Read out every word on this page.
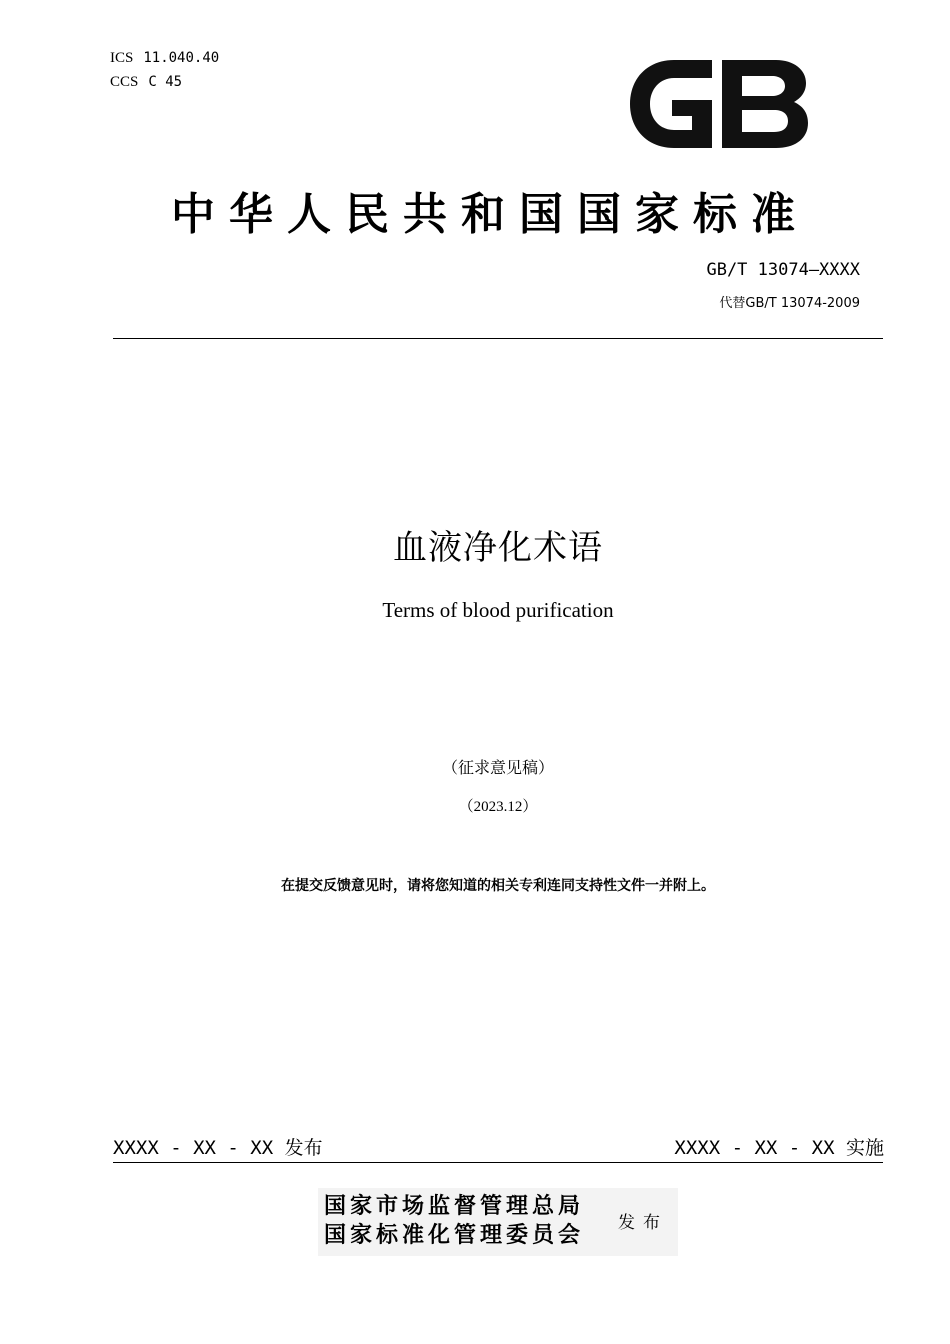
ICS 11.040.40
CCS C 45
中华人民共和国国家标准
GB/T 13074—XXXX
代替GB/T 13074-2009
血液净化术语
Terms of blood purification
（征求意见稿）
（2023.12）
在提交反馈意见时，请将您知道的相关专利连同支持性文件一并附上。
XXXX - XX - XX 发布	XXXX - XX - XX 实施
国家市场监督管理总局
国家标准化管理委员会 发布
